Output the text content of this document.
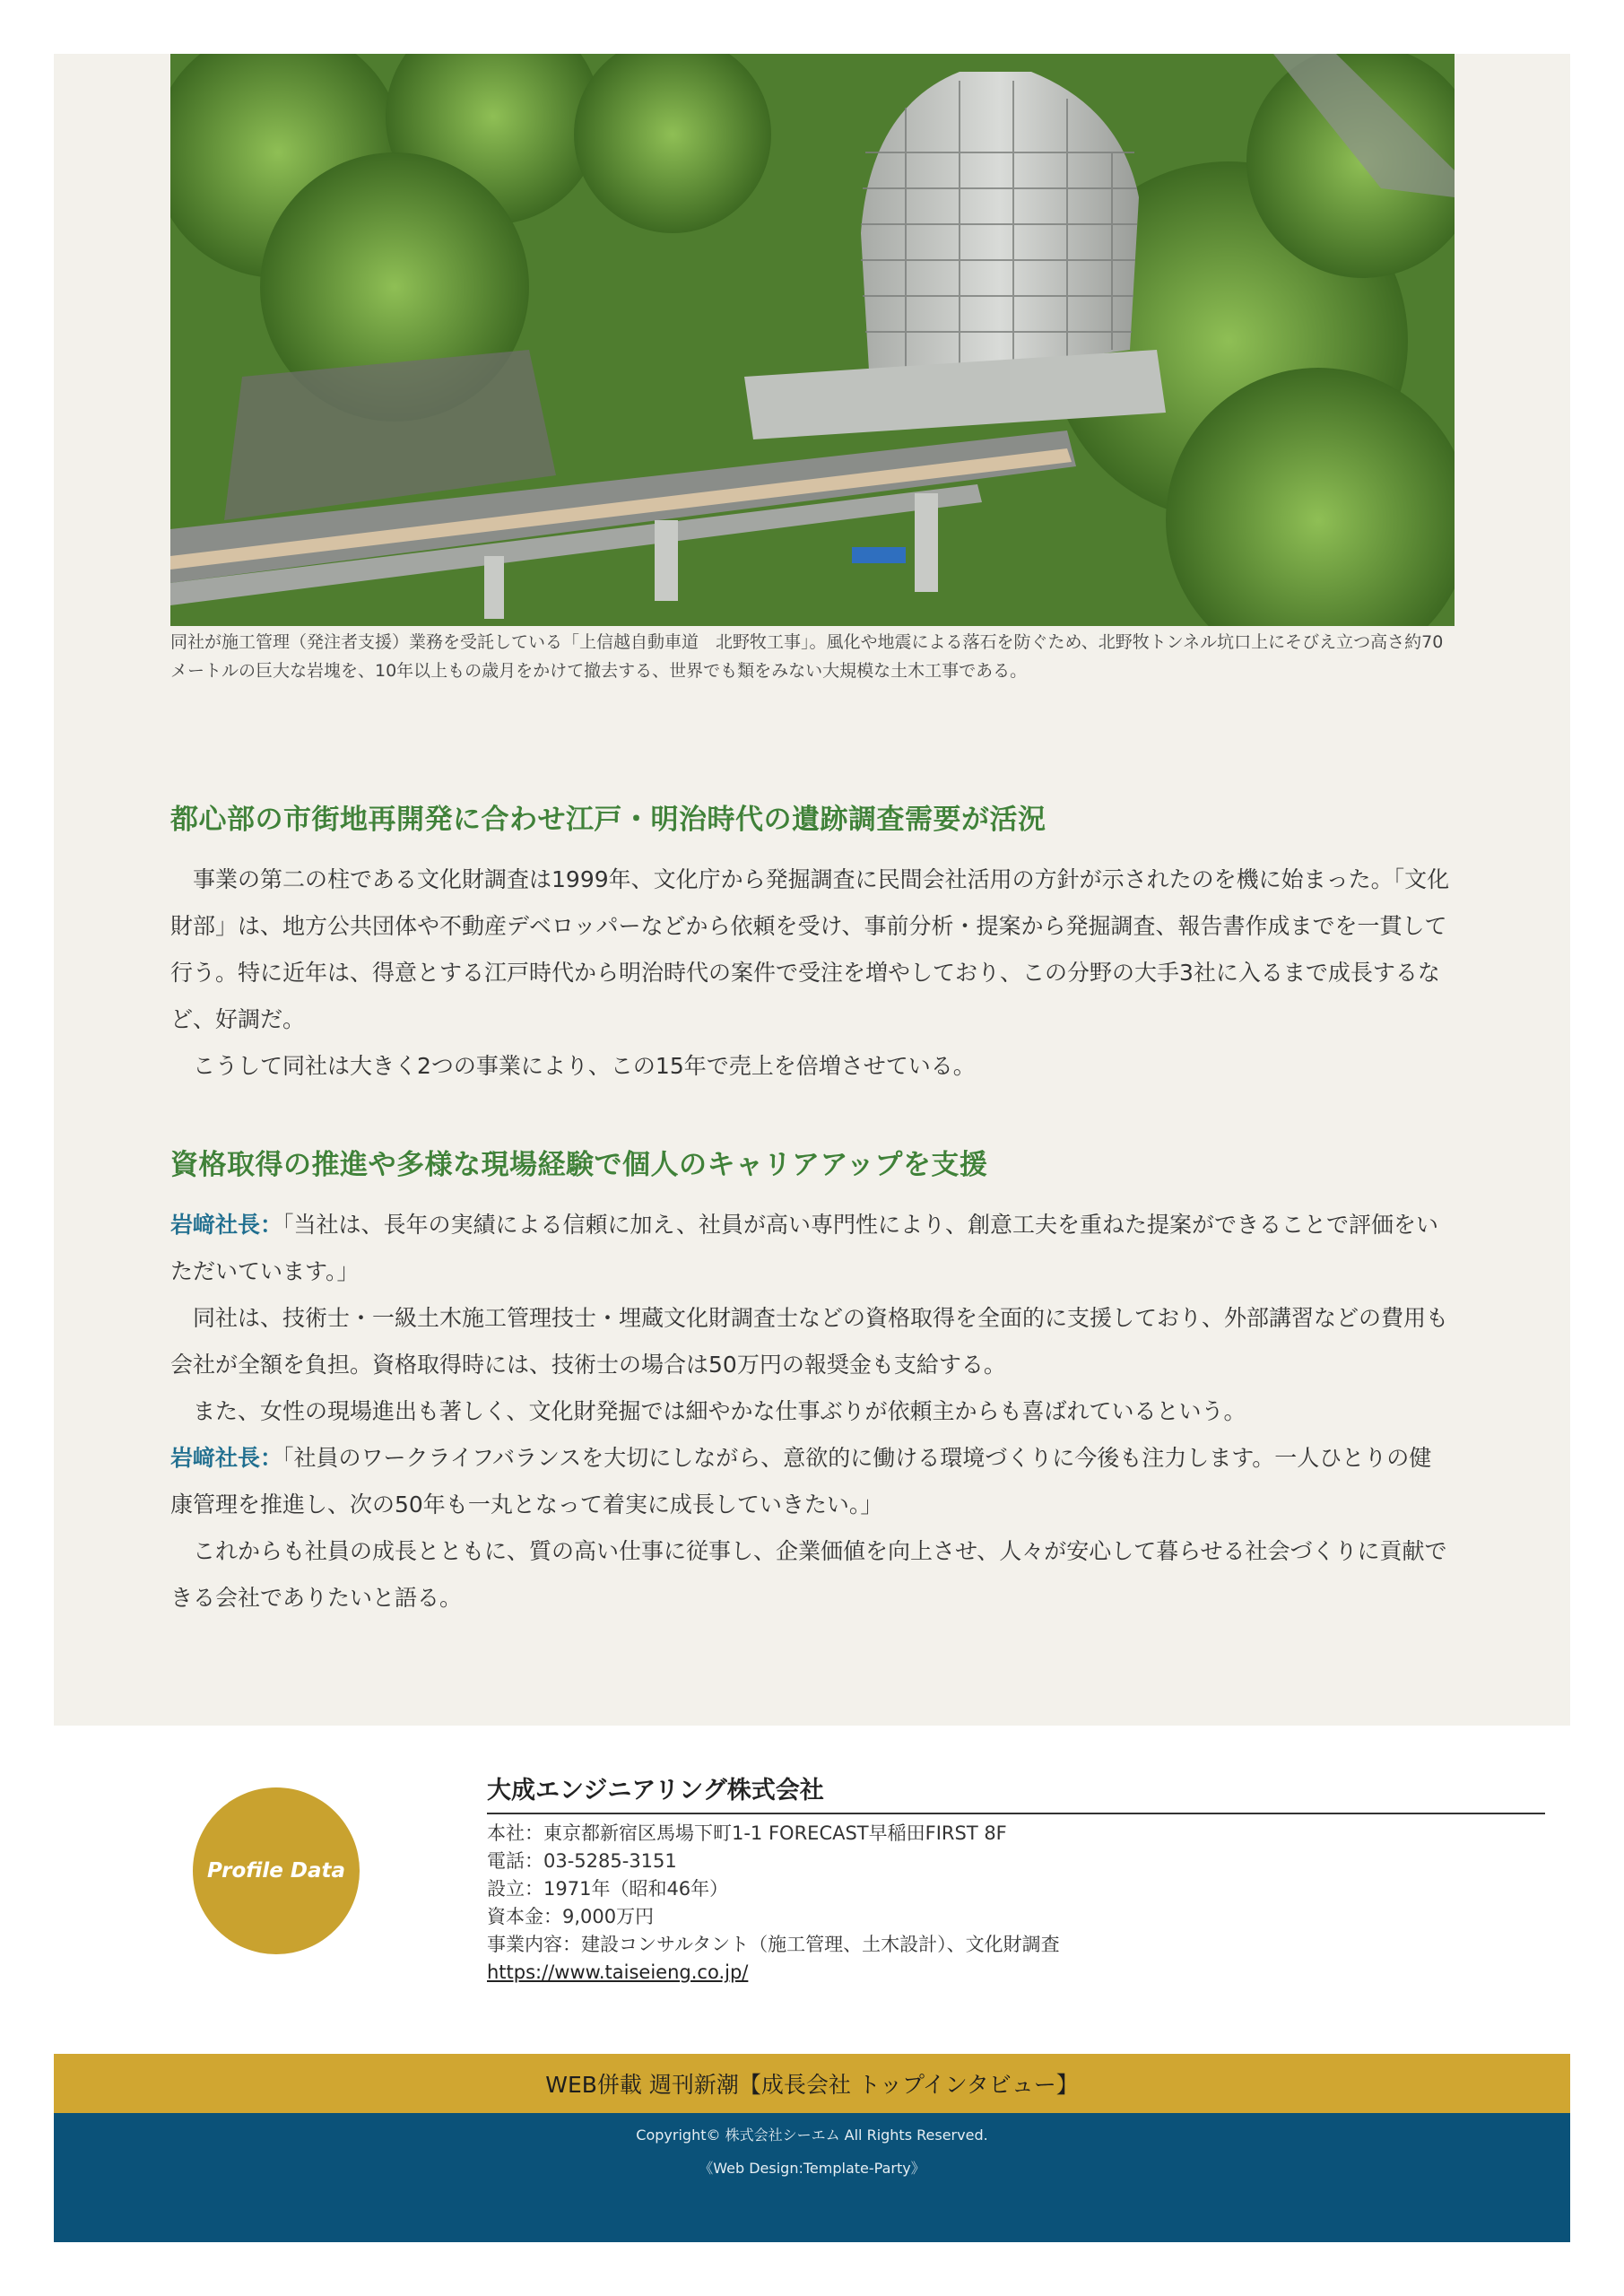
同社が施工管理（発注者支援）業務を受託している「上信越自動車道　北野牧工事」。風化や地震による落石を防ぐため、北野牧トンネル坑口上にそびえ立つ高さ約70メートルの巨大な岩塊を、10年以上もの歳月をかけて撤去する、世界でも類をみない大規模な土木工事である。
都心部の市街地再開発に合わせ江戸・明治時代の遺跡調査需要が活況

事業の第二の柱である文化財調査は1999年、文化庁から発掘調査に民間会社活用の方針が示されたのを機に始まった。「文化財部」は、地方公共団体や不動産デベロッパーなどから依頼を受け、事前分析・提案から発掘調査、報告書作成までを一貫して行う。特に近年は、得意とする江戸時代から明治時代の案件で受注を増やしており、この分野の大手3社に入るまで成長するなど、好調だ。

こうして同社は大きく2つの事業により、この15年で売上を倍増させている。

資格取得の推進や多様な現場経験で個人のキャリアアップを支援

岩﨑社長：「当社は、長年の実績による信頼に加え、社員が高い専門性により、創意工夫を重ねた提案ができることで評価をいただいています。」

同社は、技術士・一級土木施工管理技士・埋蔵文化財調査士などの資格取得を全面的に支援しており、外部講習などの費用も会社が全額を負担。資格取得時には、技術士の場合は50万円の報奨金も支給する。

また、女性の現場進出も著しく、文化財発掘では細やかな仕事ぶりが依頼主からも喜ばれているという。

岩﨑社長：「社員のワークライフバランスを大切にしながら、意欲的に働ける環境づくりに今後も注力します。一人ひとりの健康管理を推進し、次の50年も一丸となって着実に成長していきたい。」

これからも社員の成長とともに、質の高い仕事に従事し、企業価値を向上させ、人々が安心して暮らせる社会づくりに貢献できる会社でありたいと語る。

Profile Data
大成エンジニアリング株式会社
本社：東京都新宿区馬場下町1-1 FORECAST早稲田FIRST 8F
電話：03-5285-3151
設立：1971年（昭和46年）
資本金：9,000万円
事業内容：建設コンサルタント（施工管理、土木設計）、文化財調査
https://www.taiseieng.co.jp/
WEB併載 週刊新潮【成長会社 トップインタビュー】
Copyright© 株式会社シーエム All Rights Reserved.
《Web Design:Template-Party》
